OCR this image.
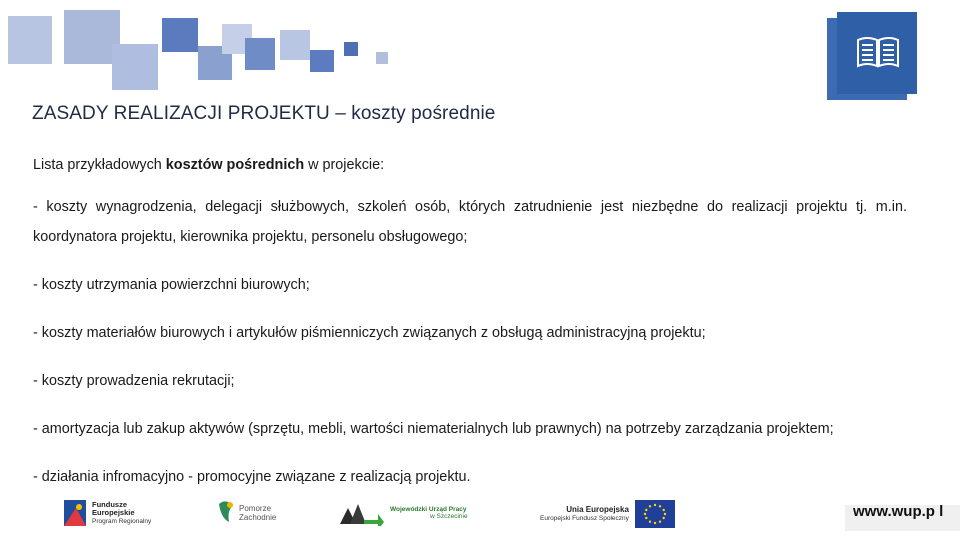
ZASADY REALIZACJI PROJEKTU – koszty pośrednie

Lista przykładowych kosztów pośrednich w projekcie:

- koszty wynagrodzenia, delegacji służbowych, szkoleń osób, których zatrudnienie jest niezbędne do realizacji projektu tj. m.in. koordynatora projektu, kierownika projektu, personelu obsługowego;

- koszty utrzymania powierzchni biurowych;

- koszty materiałów biurowych i artykułów piśmienniczych związanych z obsługą administracyjną projektu;

- koszty prowadzenia rekrutacji;

- amortyzacja lub zakup aktywów (sprzętu, mebli, wartości niematerialnych lub prawnych) na potrzeby zarządzania projektem;

- działania infromacyjno - promocyjne związane z realizacją projektu.

Fundusze
Europejskie
Program Regionalny
Pomorze
Zachodnie
Wojewódzki Urząd Pracy
w Szczecinie
Unia Europejska
Europejski Fundusz Społeczny	www.wup.p l
